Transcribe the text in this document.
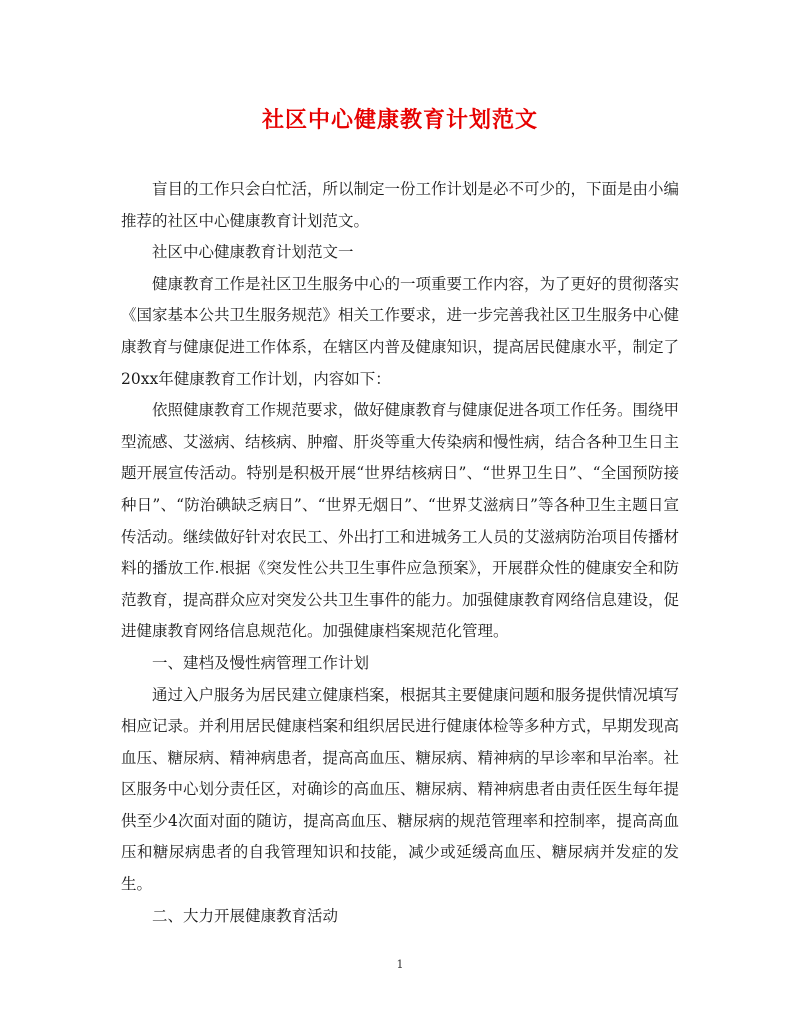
社区中心健康教育计划范文

盲目的工作只会白忙活，所以制定一份工作计划是必不可少的，下面是由小编推荐的社区中心健康教育计划范文。

社区中心健康教育计划范文一

健康教育工作是社区卫生服务中心的一项重要工作内容，为了更好的贯彻落实《国家基本公共卫生服务规范》相关工作要求，进一步完善我社区卫生服务中心健康教育与健康促进工作体系，在辖区内普及健康知识，提高居民健康水平，制定了20xx年健康教育工作计划，内容如下：

依照健康教育工作规范要求，做好健康教育与健康促进各项工作任务。围绕甲型流感、艾滋病、结核病、肿瘤、肝炎等重大传染病和慢性病，结合各种卫生日主题开展宣传活动。特别是积极开展“世界结核病日”、“世界卫生日”、“全国预防接种日”、“防治碘缺乏病日”、“世界无烟日”、“世界艾滋病日”等各种卫生主题日宣传活动。继续做好针对农民工、外出打工和进城务工人员的艾滋病防治项目传播材料的播放工作.根据《突发性公共卫生事件应急预案》，开展群众性的健康安全和防范教育，提高群众应对突发公共卫生事件的能力。加强健康教育网络信息建设，促进健康教育网络信息规范化。加强健康档案规范化管理。

一、建档及慢性病管理工作计划

通过入户服务为居民建立健康档案，根据其主要健康问题和服务提供情况填写相应记录。并利用居民健康档案和组织居民进行健康体检等多种方式，早期发现高血压、糖尿病、精神病患者，提高高血压、糖尿病、精神病的早诊率和早治率。社区服务中心划分责任区，对确诊的高血压、糖尿病、精神病患者由责任医生每年提供至少4次面对面的随访，提高高血压、糖尿病的规范管理率和控制率，提高高血压和糖尿病患者的自我管理知识和技能，减少或延缓高血压、糖尿病并发症的发生。

二、大力开展健康教育活动

1
